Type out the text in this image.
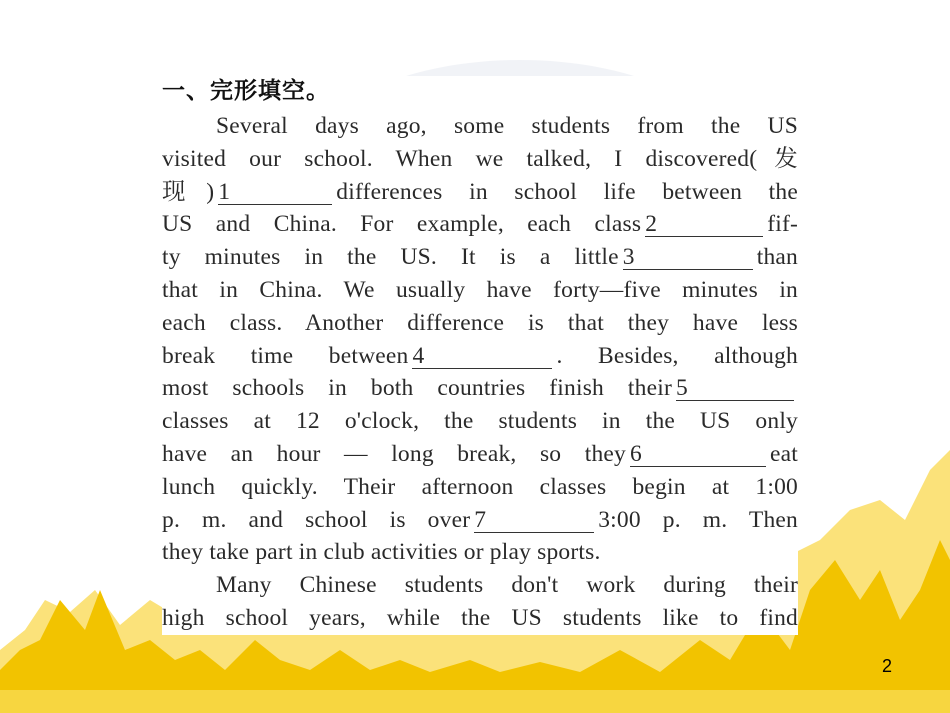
一、完形填空。

Several days ago, some students from the US

visited our school. When we talked, I discovered(发

现) 1	differences in school life between the

US and China. For example, each class 2	fif-

ty minutes in the US. It is a little 3	than

that in China. We usually have forty—five minutes in

each class. Another difference is that they have less

break time between 4	. Besides, although

most schools in both countries finish their 5

classes at 12 o'clock, the students in the US only

have an hour — long break, so they 6	eat

lunch quickly. Their afternoon classes begin at 1:00

p. m. and school is over 7	3:00 p. m. Then

they take part in club activities or play sports.

Many Chinese students don't work during their

high school years, while the US students like to find

2
